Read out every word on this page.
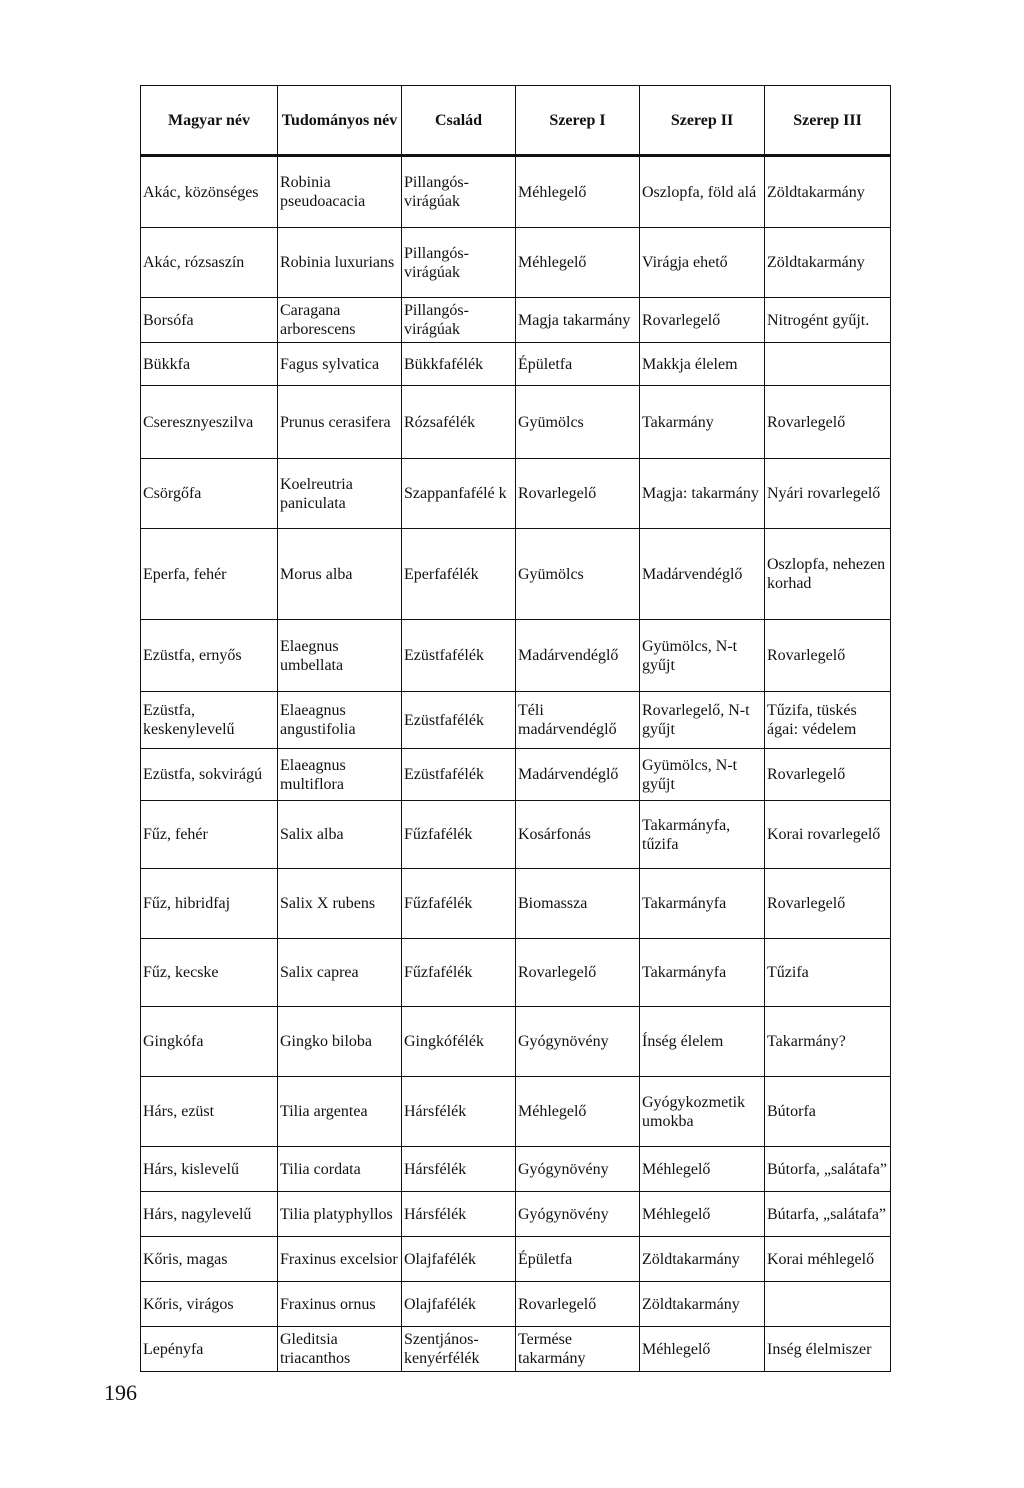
Magyar név	Tudományos név	Család	Szerep I	Szerep II	Szerep III
Akác, közönséges	Robinia pseudoacacia	Pillangós-virágúak	Méhlegelő	Oszlopfa, föld alá	Zöldtakarmány
Akác, rózsaszín	Robinia luxurians	Pillangós-virágúak	Méhlegelő	Virágja ehető	Zöldtakarmány
Borsófa	Caragana arborescens	Pillangós-virágúak	Magja takarmány	Rovarlegelő	Nitrogént gyűjt.
Bükkfa	Fagus sylvatica	Bükkfafélék	Épületfa	Makkja élelem	
Cseresznyeszilva	Prunus cerasifera	Rózsafélék	Gyümölcs	Takarmány	Rovarlegelő
Csörgőfa	Koelreutria paniculata	Szappanfafélé k	Rovarlegelő	Magja: takarmány	Nyári rovarlegelő
Eperfa, fehér	Morus alba	Eperfafélék	Gyümölcs	Madárvendéglő	Oszlopfa, nehezen korhad
Ezüstfa, ernyős	Elaegnus umbellata	Ezüstfafélék	Madárvendéglő	Gyümölcs, N-t gyűjt	Rovarlegelő
Ezüstfa, keskenylevelű	Elaeagnus angustifolia	Ezüstfafélék	Téli madárvendéglő	Rovarlegelő, N-t gyűjt	Tűzifa, tüskés ágai: védelem
Ezüstfa, sokvirágú	Elaeagnus multiflora	Ezüstfafélék	Madárvendéglő	Gyümölcs, N-t gyűjt	Rovarlegelő
Fűz, fehér	Salix alba	Fűzfafélék	Kosárfonás	Takarmányfa, tűzifa	Korai rovarlegelő
Fűz, hibridfaj	Salix X rubens	Fűzfafélék	Biomassza	Takarmányfa	Rovarlegelő
Fűz, kecske	Salix caprea	Fűzfafélék	Rovarlegelő	Takarmányfa	Tűzifa
Gingkófa	Gingko biloba	Gingkófélék	Gyógynövény	Ínség élelem	Takarmány?
Hárs, ezüst	Tilia argentea	Hársfélék	Méhlegelő	Gyógykozmetik umokba	Bútorfa
Hárs, kislevelű	Tilia cordata	Hársfélék	Gyógynövény	Méhlegelő	Bútorfa, „salátafa”
Hárs, nagylevelű	Tilia platyphyllos	Hársfélék	Gyógynövény	Méhlegelő	Bútarfa, „salátafa”
Kőris, magas	Fraxinus excelsior	Olajfafélék	Épületfa	Zöldtakarmány	Korai méhlegelő
Kőris, virágos	Fraxinus ornus	Olajfafélék	Rovarlegelő	Zöldtakarmány	
Lepényfa	Gleditsia triacanthos	Szentjános-kenyérfélék	Termése takarmány	Méhlegelő	Inség élelmiszer
196
